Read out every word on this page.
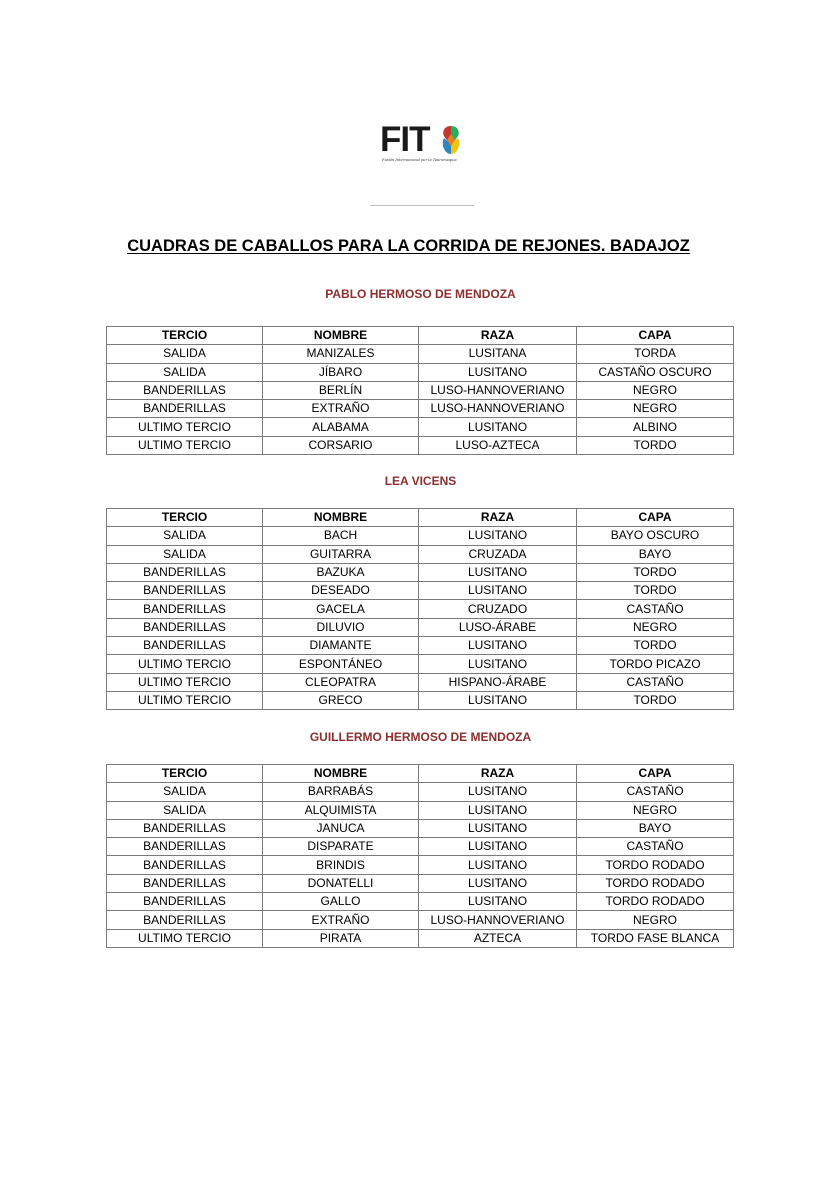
FIT
Fusión Internacional por la Tauromaquia
CUADRAS DE CABALLOS PARA LA CORRIDA DE REJONES. BADAJOZ
PABLO HERMOSO DE MENDOZA
TERCIO	NOMBRE	RAZA	CAPA
SALIDA	MANIZALES	LUSITANA	TORDA
SALIDA	JÍBARO	LUSITANO	CASTAÑO OSCURO
BANDERILLAS	BERLÍN	LUSO-HANNOVERIANO	NEGRO
BANDERILLAS	EXTRAÑO	LUSO-HANNOVERIANO	NEGRO
ULTIMO TERCIO	ALABAMA	LUSITANO	ALBINO
ULTIMO TERCIO	CORSARIO	LUSO-AZTECA	TORDO
LEA VICENS
TERCIO	NOMBRE	RAZA	CAPA
SALIDA	BACH	LUSITANO	BAYO OSCURO
SALIDA	GUITARRA	CRUZADA	BAYO
BANDERILLAS	BAZUKA	LUSITANO	TORDO
BANDERILLAS	DESEADO	LUSITANO	TORDO
BANDERILLAS	GACELA	CRUZADO	CASTAÑO
BANDERILLAS	DILUVIO	LUSO-ÁRABE	NEGRO
BANDERILLAS	DIAMANTE	LUSITANO	TORDO
ULTIMO TERCIO	ESPONTÁNEO	LUSITANO	TORDO PICAZO
ULTIMO TERCIO	CLEOPATRA	HISPANO-ÁRABE	CASTAÑO
ULTIMO TERCIO	GRECO	LUSITANO	TORDO
GUILLERMO HERMOSO DE MENDOZA
TERCIO	NOMBRE	RAZA	CAPA
SALIDA	BARRABÁS	LUSITANO	CASTAÑO
SALIDA	ALQUIMISTA	LUSITANO	NEGRO
BANDERILLAS	JANUCA	LUSITANO	BAYO
BANDERILLAS	DISPARATE	LUSITANO	CASTAÑO
BANDERILLAS	BRINDIS	LUSITANO	TORDO RODADO
BANDERILLAS	DONATELLI	LUSITANO	TORDO RODADO
BANDERILLAS	GALLO	LUSITANO	TORDO RODADO
BANDERILLAS	EXTRAÑO	LUSO-HANNOVERIANO	NEGRO
ULTIMO TERCIO	PIRATA	AZTECA	TORDO FASE BLANCA
